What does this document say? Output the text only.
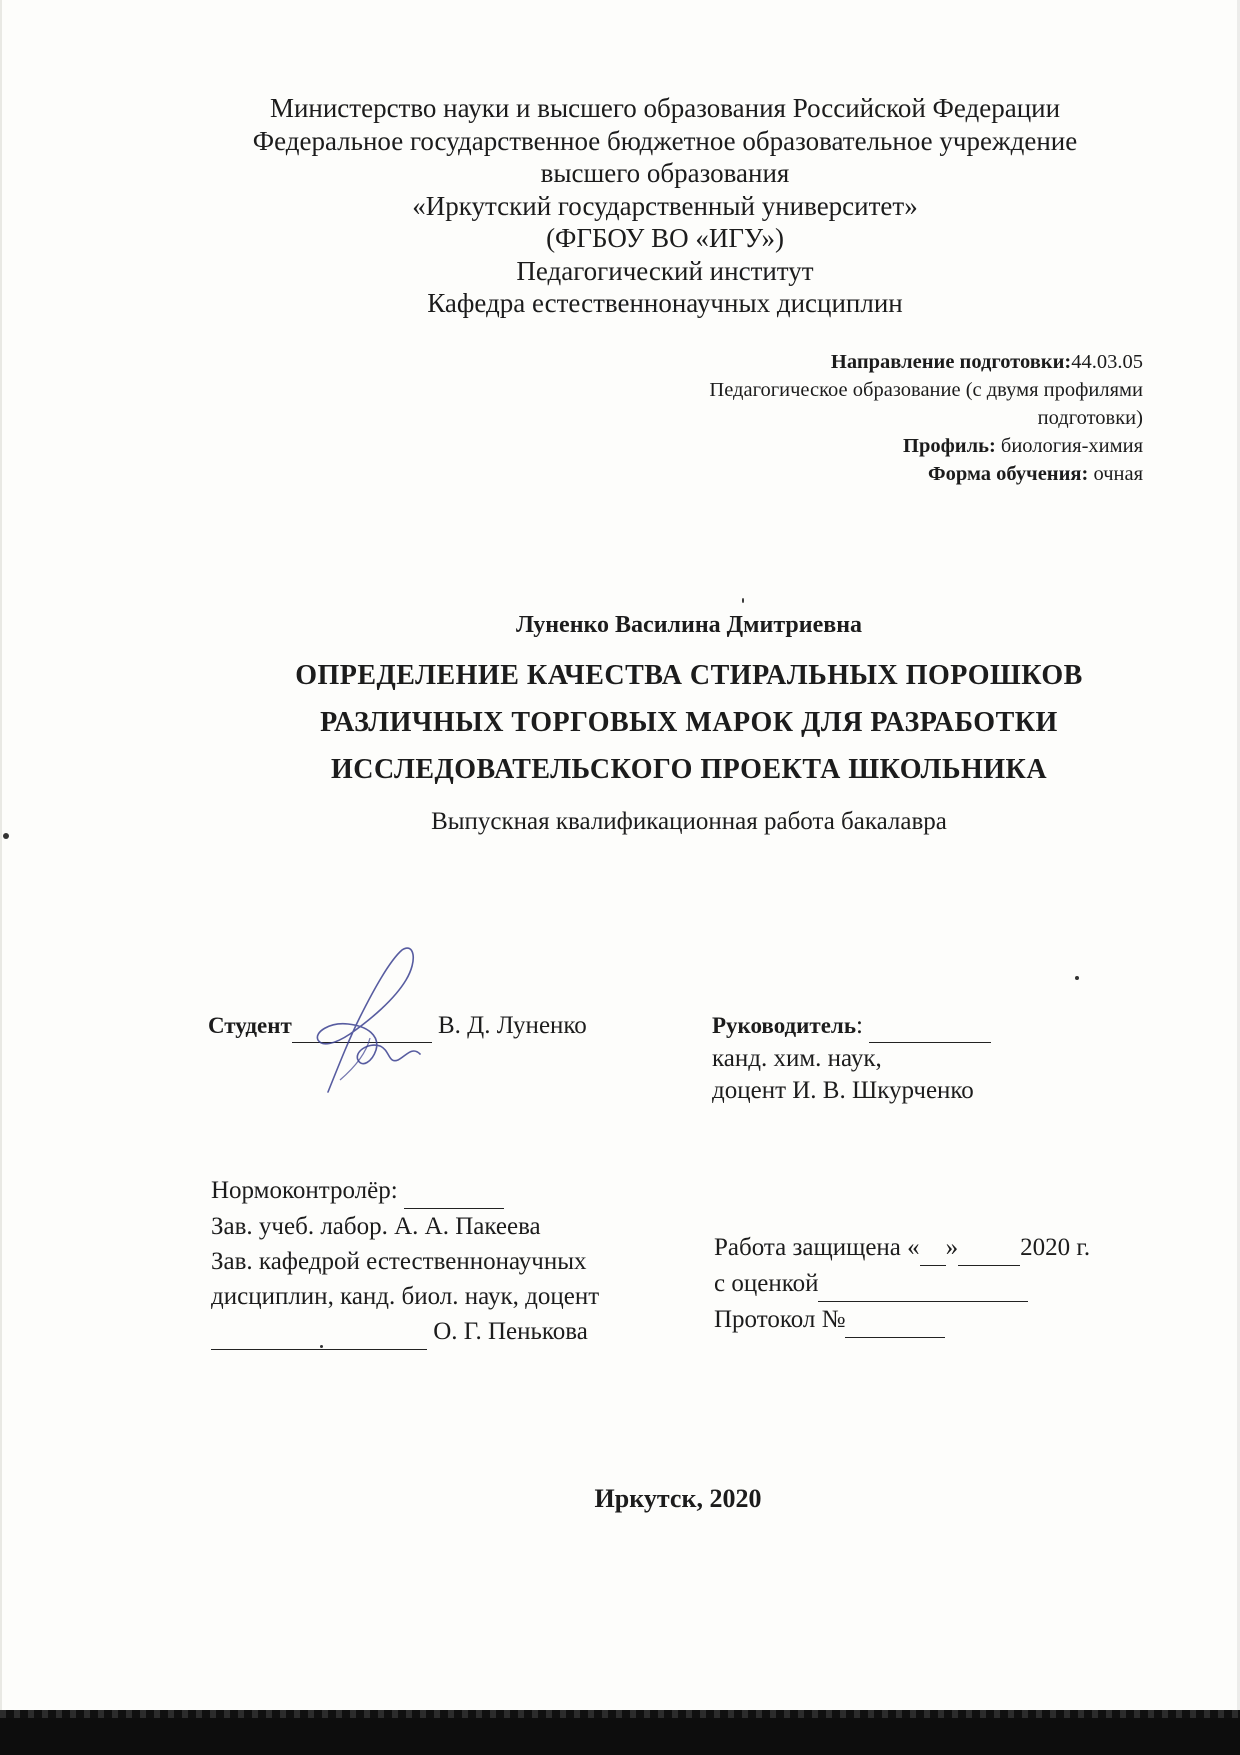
Министерство науки и высшего образования Российской Федерации
Федеральное государственное бюджетное образовательное учреждение
высшего образования
«Иркутский государственный университет»
(ФГБОУ ВО «ИГУ»)
Педагогический институт
Кафедра естественнонаучных дисциплин
Направление подготовки:44.03.05
Педагогическое образование (с двумя профилями
подготовки)
Профиль: биология-химия
Форма обучения: очная
Луненко Василина Дмитриевна
ОПРЕДЕЛЕНИЕ КАЧЕСТВА СТИРАЛЬНЫХ ПОРОШКОВ
РАЗЛИЧНЫХ ТОРГОВЫХ МАРОК ДЛЯ РАЗРАБОТКИ
ИССЛЕДОВАТЕЛЬСКОГО ПРОЕКТА ШКОЛЬНИКА
Выпускная квалификационная работа бакалавра
Студент	В. Д. Луненко	Руководитель:
канд. хим. наук,
доцент И. В. Шкурченко
Нормоконтролёр:
Зав. учеб. лабор. А. А. Пакеева
Зав. кафедрой естественнонаучных
дисциплин, канд. биол. наук, доцент
О. Г. Пенькова
Работа защищена « » 2020 г.
с оценкой
Протокол №
Иркутск, 2020
